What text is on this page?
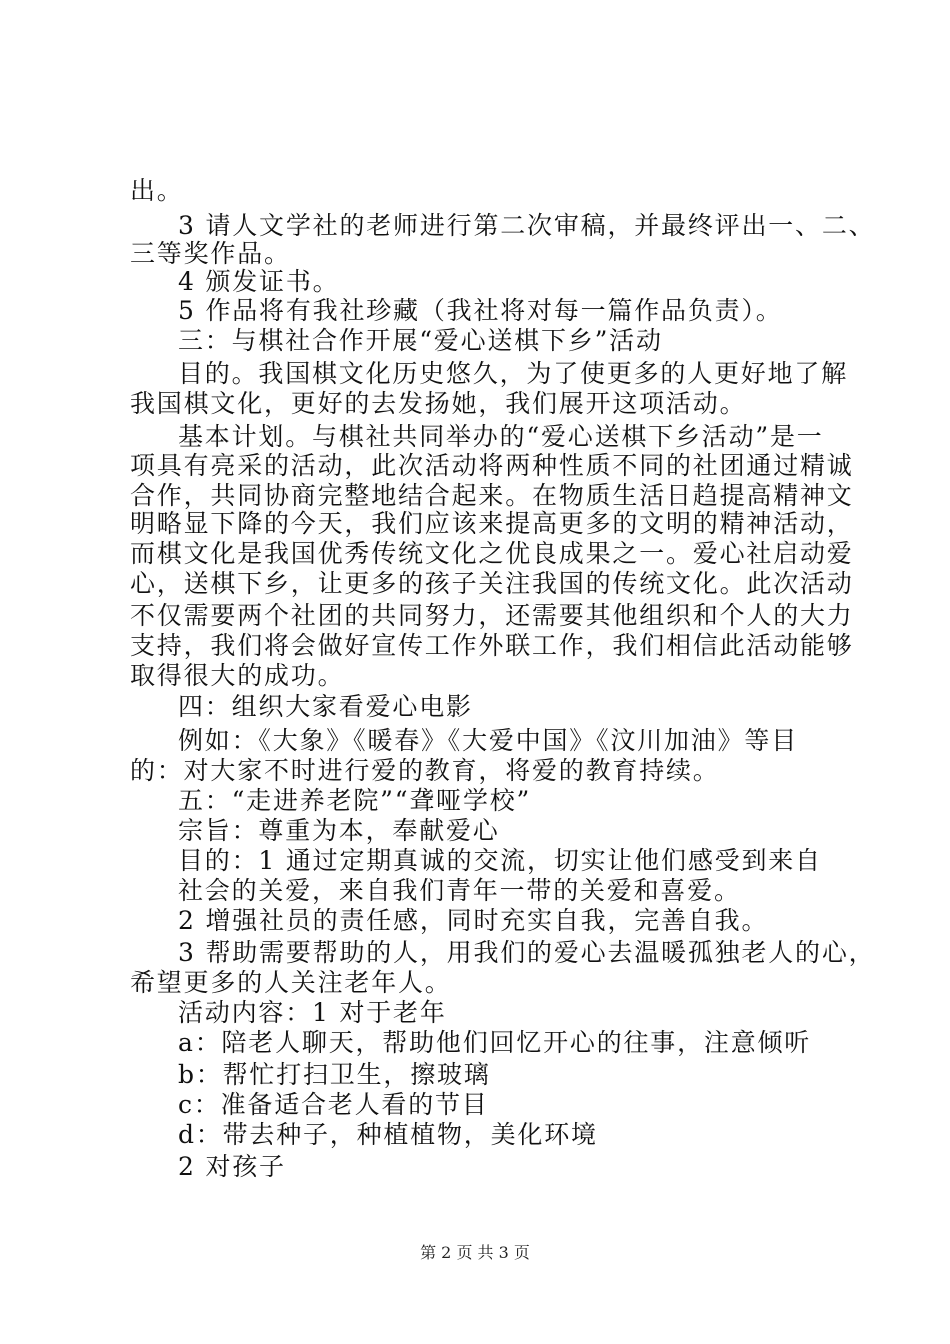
出。
3 请人文学社的老师进行第二次审稿，并最终评出一、二、
三等奖作品。
4 颁发证书。
5 作品将有我社珍藏（我社将对每一篇作品负责）。
三：与棋社合作开展“爱心送棋下乡”活动
目的。我国棋文化历史悠久，为了使更多的人更好地了解
我国棋文化，更好的去发扬她，我们展开这项活动。
基本计划。与棋社共同举办的“爱心送棋下乡活动”是一
项具有亮采的活动，此次活动将两种性质不同的社团通过精诚
合作，共同协商完整地结合起来。在物质生活日趋提高精神文
明略显下降的今天，我们应该来提高更多的文明的精神活动，
而棋文化是我国优秀传统文化之优良成果之一。爱心社启动爱
心，送棋下乡，让更多的孩子关注我国的传统文化。此次活动
不仅需要两个社团的共同努力，还需要其他组织和个人的大力
支持，我们将会做好宣传工作外联工作，我们相信此活动能够
取得很大的成功。
四：组织大家看爱心电影
例如：《大象》《暖春》《大爱中国》《汶川加油》等目
的：对大家不时进行爱的教育，将爱的教育持续。
五：“走进养老院”“聋哑学校”
宗旨：尊重为本，奉献爱心
目的：1 通过定期真诚的交流，切实让他们感受到来自
社会的关爱，来自我们青年一带的关爱和喜爱。
2 增强社员的责任感，同时充实自我，完善自我。
3 帮助需要帮助的人，用我们的爱心去温暖孤独老人的心，
希望更多的人关注老年人。
活动内容：1 对于老年
a：陪老人聊天，帮助他们回忆开心的往事，注意倾听
b：帮忙打扫卫生，擦玻璃
c：准备适合老人看的节目
d：带去种子，种植植物，美化环境
2 对孩子
第 2 页 共 3 页
